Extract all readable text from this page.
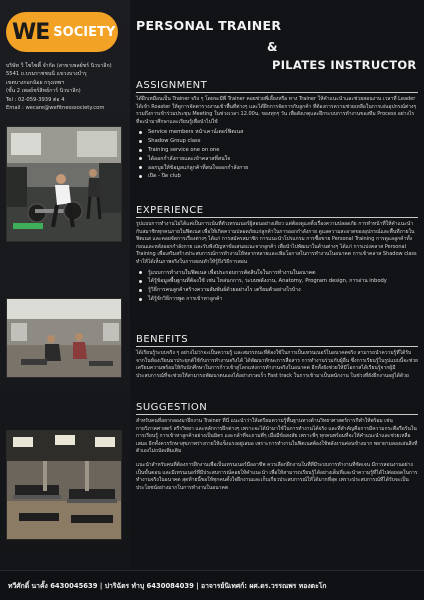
WE SOCIETY
บริษัท วี โซไซตี้ จำกัด (สาขาเพลย์ชร์ นิวบาลิก)
5541 ถ.บรมราชชนนี แขวงบางบำรุ
เขตบางกอกน้อย กรุงเทพฯ
(ชั้น 2 เพลย์ชร์สิทธ์การ์ นิวบาลิก)
Tel : 02-059-3939 ต่อ 4
Email : wecare@wefitnesssociety.com
PERSONAL TRAINER
&
PILATES INSTRUCTOR
ASSIGNMENT
ได้ฝึกเหมือนเป็น Trainer จริง ๆ โดยจะมีพี่ Trainer คอยช่วยพี่เลี้ยงหรือ ทาง Trainer ให้คำแนะนำและช่วยสอนงาน เวลาที่ Leader ได้เข้า Roaster ให้ดูการจัดตารางงานเข้าพื้นที่ต่างๆ และได้ฝึกการจัดการกับลูกค้า ที่ต้องการความช่วยเหลือในการเล่นอุปกรณ์ต่างๆ รวมถึงการเข้าร่วมประชุม Meeting ในช่วงเวลา 12.00น. ของทุกๆ วัน เพื่อสังเกตุและฝึกระบบการทำงานของทีม Process อย่างไร ที่จะนำมาศึกษาและเรียนรู้เพื่อนำไปใช้
Service members หน้าเคาน์เตอร์ฟิตเนส
Shadow Group class
Training service one on one
ได้ออกกำลังกายและเข้าคลาสที่สนใจ
ออกบูธให้ข้อมูลแก่ลูกค้าที่สนใจออกกำลังกาย
เปิด - ปิด club
EXPERIENCE
รูปแบบการทำงานไม่ได้แค่เป็นการเน้นที่ตัวเทรนเนอร์ผู้สอนอย่างเดียว แต่ต้องดูแลทั้งเรื่องความปลอดภัย การทำหน้าที่ให้คำแนะนำกับสมาชิกทุกคนภายในฟิตเนส เพื่อให้เกิดความปลอดภัยแก่ลูกค้าในการออกกำลังกาย ดูแลความสะอาดของอุปกรณ์และพื้นที่ภายในฟิตเนส และคอยจัดการเรื่องต่างๆ ได้แก่ การสมัครสมาชิก การแนะนำโปรแกรม การซื้อขาย Personal Training การดูแลลูกค้าทั้งก่อนและหลังออกกำลังกาย และรับฟังปัญหาข้อเสนอแนะจากลูกค้า เพื่อนำไปพัฒนาในด้านต่างๆ ได้แก่ การแบ่งคลาส Personal Training เพื่อเสริมสร้างประสบการณ์การทำงานให้หลากหลายและเพิ่มโอกาสในการทำงานในอนาคต การเข้าคลาส Shadow class ทำให้ได้เห็นภาพจริงในการสอนทำให้รู้ถึงวิธีการสอน
รู้แบบการทำงานในฟิตเนส เพื่อประกอบการตัดสินใจในการทำงานในอนาคต
ได้รู้ข้อมูลพื้นฐานที่ต้องใช้ เช่น ไหล่นกการ, ระบบพลังงาน, Anatomy, Program design, การอ่าน inbody
รู้วิธีการคนลูกค้าสร้างความสัมพันธ์ด้วยอย่างไร เตรียมตัวอย่างไรบ้าง
ได้รู้จักวิธีการพูด การเข้าหาลูกค้า
BENEFITS
ได้เรียนรู้ระบบจริง ๆ อย่างไม่ว่าจะเป็นความรู้ และสมรรถนะที่ต้องใช้ในการเป็นเทรนเนอร์ในอนาคตจริง สามารถนำความรู้ที่ได้รับจากในห้องเรียนมาประยุกต์ใช้กับการทำงานจริงได้ ได้พัฒนาทักษะการสื่อสาร การทำงานร่วมกับผู้อื่น ซึ่งการเรียนรู้ในรูปแบบนี้จะช่วยเตรียมความพร้อมให้กับนักศึกษาในการก้าวเข้าสู่โลกแห่งการทำงานจริงในอนาคต อีกทั้งยังช่วยให้มีโอกาสได้เรียนรู้จากผู้มีประสบการณ์ที่จะช่วยให้สามารถพัฒนาตนเองได้อย่างรวดเร็ว Fast track ในการเข้ามาเป็นพนักงาน ในช่วงที่ยังฝึกงานอยู่ได้ด้วย
SUGGESTION
สำหรับคนที่อยากลองมาฝึกงาน Trainer ที่นี่ แนะนำว่าให้เตรียมความรู้พื้นฐานทางด้านวิทยาศาสตร์การกีฬาให้พร้อม เช่น กายวิภาคศาสตร์ สรีรวิทยา และหลักการฝึกต่างๆ เพราะจะได้นำมาใช้ในการทำงานได้จริง และที่สำคัญคือการมีความกระตือรือร้นในการเรียนรู้ การเข้าหาลูกค้าอย่างเป็นมิตร และกล้าที่จะถามพี่ๆ เมื่อมีข้อสงสัย เพราะพี่ๆ ทุกคนพร้อมที่จะให้คำแนะนำและช่วยเหลือเสมอ อีกทั้งควรรักษาสุขภาพร่างกายให้แข็งแรงอยู่เสมอ เพราะการทำงานในฟิตเนสต้องใช้พลังงานค่อนข้างมาก พยายามลองเล่นสิ่งที่ตัวเองไม่ถนัดเพิ่มเติม
แนะนำสำหรับคนที่ต้องการฝึกงานเพื่อเป็นเทรนเนอร์มืออาชีพ ควรเลือกฝึกงานในที่ที่มีระบบการทำงานที่ชัดเจน มีการสอนงานอย่างเป็นขั้นตอน และมีเทรนเนอร์ที่มีประสบการณ์คอยให้คำแนะนำ เพื่อให้สามารถเรียนรู้ได้อย่างเต็มที่และนำความรู้ที่ได้ไปต่อยอดในการทำงานจริงในอนาคต สุดท้ายนี้ขอให้ทุกคนตั้งใจฝึกงานและเก็บเกี่ยวประสบการณ์ให้ได้มากที่สุด เพราะประสบการณ์ที่ได้รับจะเป็นประโยชน์อย่างมากในการทำงานในอนาคต
ทวีศักดิ์ นาคั้ง 6430045639 | ปาริฉัตร ทำบุ 6430084039 | อาจารย์นิเทศก์: ผศ.ดร.วรรณพร ทองตะโก
